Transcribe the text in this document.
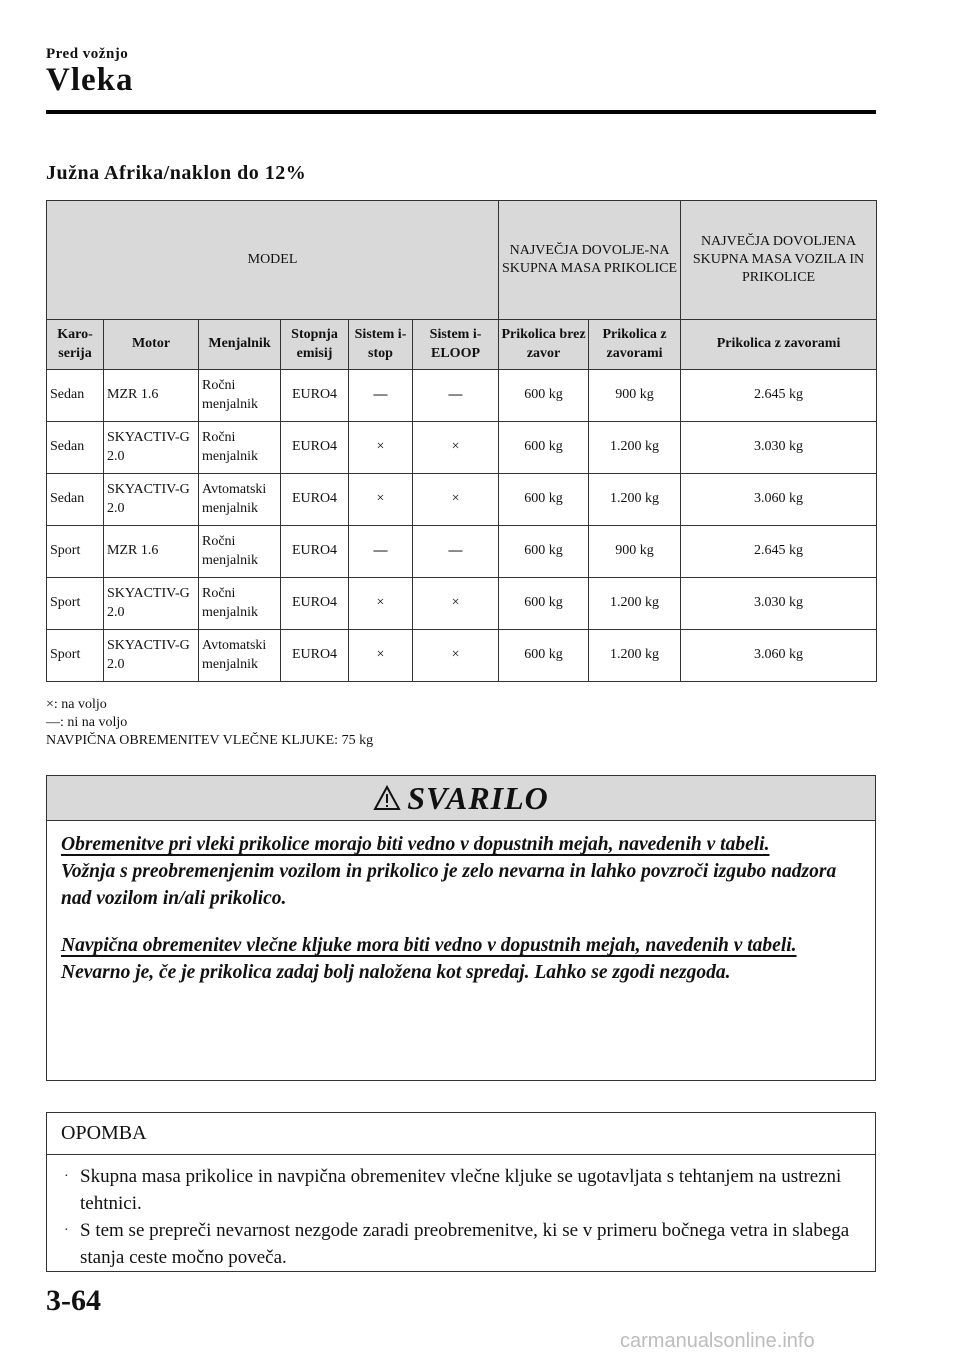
Pred vožnjo
Vleka
Južna Afrika/naklon do 12%
MODEL						NAJVEČJA DOVOLJE-NA SKUPNA MASA PRIKOLICE		NAJVEČJA DOVOLJENA SKUPNA MASA VOZILA IN PRIKOLICE
Karo-serija	Motor	Menjalnik	Stopnja emisij	Sistem i-stop	Sistem i-ELOOP	Prikolica brez zavor	Prikolica z zavorami	Prikolica z zavorami
Sedan	MZR 1.6	Ročni menjalnik	EURO4	—	—	600 kg	900 kg	2.645 kg
Sedan	SKYACTIV-G 2.0	Ročni menjalnik	EURO4	×	×	600 kg	1.200 kg	3.030 kg
Sedan	SKYACTIV-G 2.0	Avtomatski menjalnik	EURO4	×	×	600 kg	1.200 kg	3.060 kg
Sport	MZR 1.6	Ročni menjalnik	EURO4	—	—	600 kg	900 kg	2.645 kg
Sport	SKYACTIV-G 2.0	Ročni menjalnik	EURO4	×	×	600 kg	1.200 kg	3.030 kg
Sport	SKYACTIV-G 2.0	Avtomatski menjalnik	EURO4	×	×	600 kg	1.200 kg	3.060 kg
×: na voljo
—: ni na voljo
NAVPIČNA OBREMENITEV VLEČNE KLJUKE: 75 kg
SVARILO

Obremenitve pri vleki prikolice morajo biti vedno v dopustnih mejah, navedenih v tabeli.

Vožnja s preobremenjenim vozilom in prikolico je zelo nevarna in lahko povzroči izgubo nadzora nad vozilom in/ali prikolico.

Navpična obremenitev vlečne kljuke mora biti vedno v dopustnih mejah, navedenih v tabeli.

Nevarno je, če je prikolica zadaj bolj naložena kot spredaj. Lahko se zgodi nezgoda.

OPOMBA
· Skupna masa prikolice in navpična obremenitev vlečne kljuke se ugotavljata s tehtanjem na ustrezni tehtnici.
· S tem se prepreči nevarnost nezgode zaradi preobremenitve, ki se v primeru bočnega vetra in slabega stanja ceste močno poveča.
3-64
carmanualsonline.info
